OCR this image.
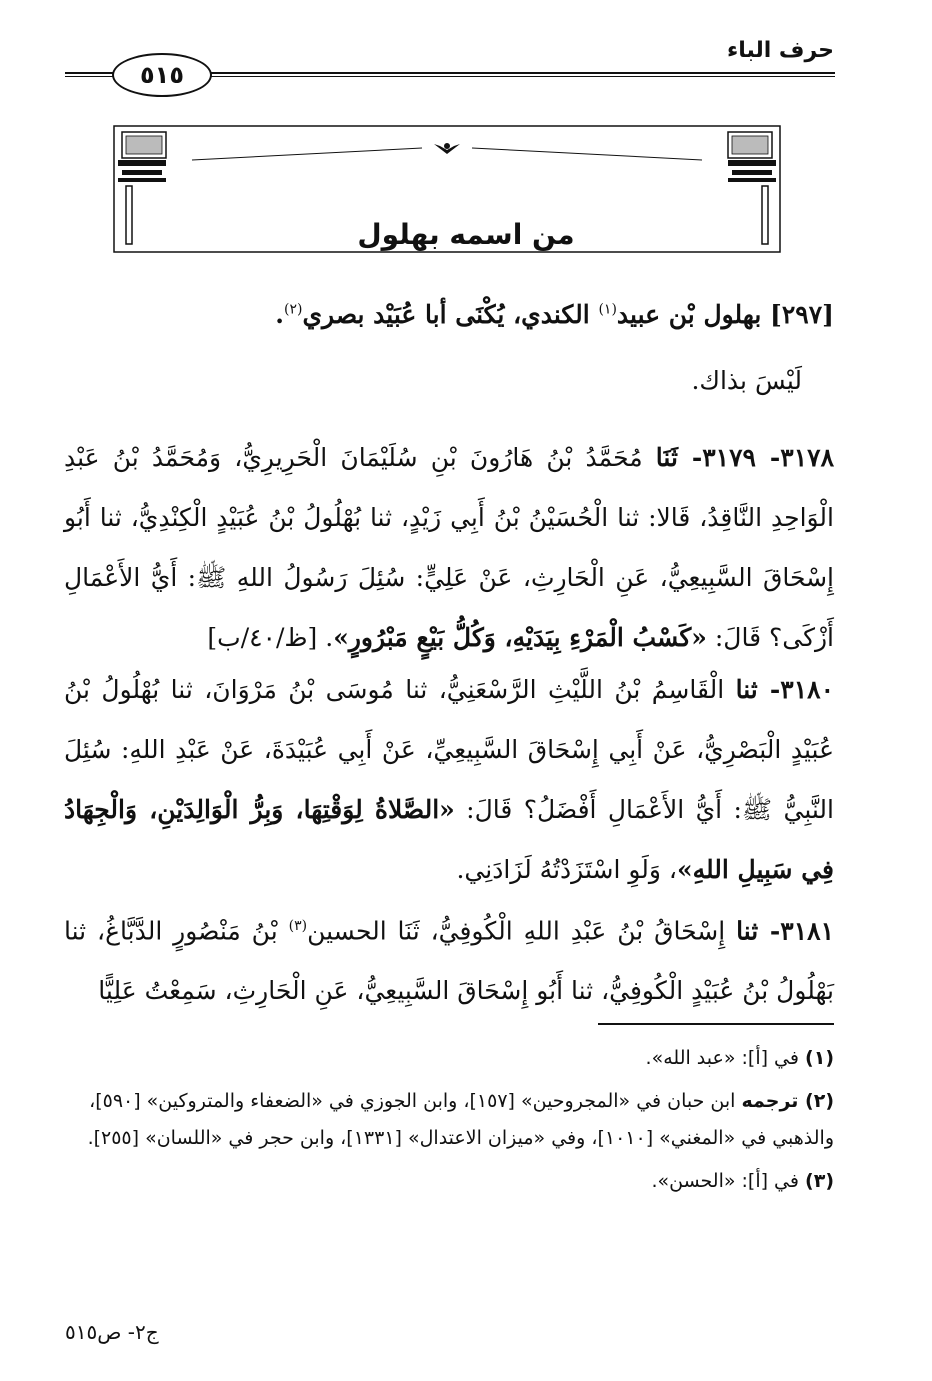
حرف الباء
٥١٥
من اسمه بهلول
[٢٩٧] بهلول بْن عبيد$^{(١)}$ الكندي، يُكْنَى أبا عُبَيْد بصري$^{(٢)}$.
لَيْسَ بذاك.
٣١٧٨- ٣١٧٩- ثَنَا مُحَمَّدُ بْنُ هَارُونَ بْنِ سُلَيْمَانَ الْحَرِيرِيُّ، وَمُحَمَّدُ بْنُ عَبْدِ الْوَاحِدِ النَّاقِدُ، قَالا: ثنا الْحُسَيْنُ بْنُ أَبِي زَيْدٍ، ثنا بُهْلُولُ بْنُ عُبَيْدٍ الْكِنْدِيُّ، ثنا أَبُو إِسْحَاقَ السَّبِيعِيُّ، عَنِ الْحَارِثِ، عَنْ عَلِيٍّ: سُئِلَ رَسُولُ اللهِ ﷺ: أَيُّ الأَعْمَالِ أَزْكَى؟ قَالَ: «كَسْبُ الْمَرْءِ بِيَدَيْهِ، وَكُلُّ بَيْعٍ مَبْرُورٍ». [ظ/٤٠/ب]
٣١٨٠- ثنا الْقَاسِمُ بْنُ اللَّيْثِ الرَّسْعَنِيُّ، ثنا مُوسَى بْنُ مَرْوَانَ، ثنا بُهْلُولُ بْنُ عُبَيْدٍ الْبَصْرِيُّ، عَنْ أَبِي إِسْحَاقَ السَّبِيعِيِّ، عَنْ أَبِي عُبَيْدَةَ، عَنْ عَبْدِ اللهِ: سُئِلَ النَّبِيُّ ﷺ: أَيُّ الأَعْمَالِ أَفْضَلُ؟ قَالَ: «الصَّلاةُ لِوَقْتِهَا، وَبِرُّ الْوَالِدَيْنِ، وَالْجِهَادُ فِي سَبِيلِ اللهِ»، وَلَوِ اسْتَزَدْتُهُ لَزَادَنِي.
٣١٨١- ثنا إِسْحَاقُ بْنُ عَبْدِ اللهِ الْكُوفِيُّ، ثَنَا الحسين$^{(٣)}$ بْنُ مَنْصُورٍ الدَّبَّاغُ، ثنا بَهْلُولُ بْنُ عُبَيْدٍ الْكُوفِيُّ، ثنا أَبُو إِسْحَاقَ السَّبِيعِيُّ، عَنِ الْحَارِثِ، سَمِعْتُ عَلِيًّا

(١) في [أ]: «عبد الله».

(٢) ترجمه ابن حبان في «المجروحين» [١٥٧]، وابن الجوزي في «الضعفاء والمتروكين» [٥٩٠]، والذهبي في «المغني» [١٠١٠]، وفي «ميزان الاعتدال» [١٣٣١]، وابن حجر في «اللسان» [٢٥٥].

(٣) في [أ]: «الحسن».

ج٢- ص٥١٥
